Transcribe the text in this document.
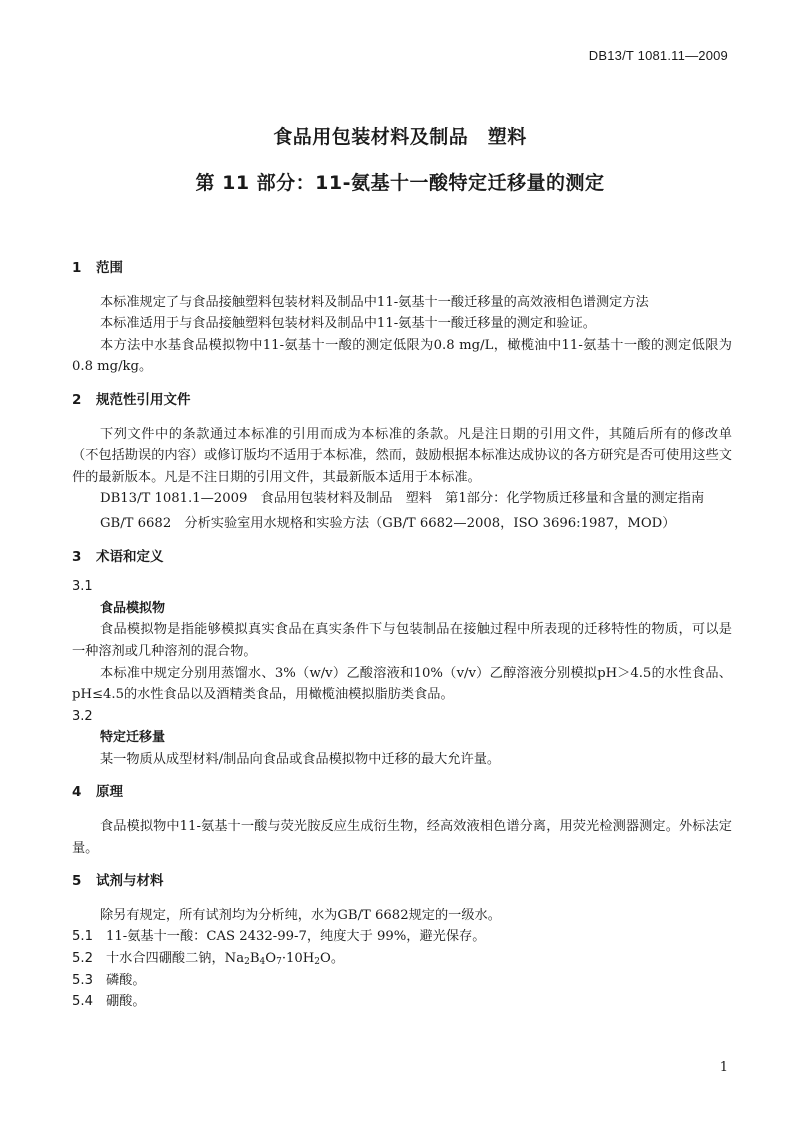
DB13/T 1081.11—2009
食品用包装材料及制品　塑料
第 11 部分：11-氨基十一酸特定迁移量的测定

1 范围

本标准规定了与食品接触塑料包装材料及制品中11-氨基十一酸迁移量的高效液相色谱测定方法

本标准适用于与食品接触塑料包装材料及制品中11-氨基十一酸迁移量的测定和验证。

本方法中水基食品模拟物中11-氨基十一酸的测定低限为0.8 mg/L，橄榄油中11-氨基十一酸的测定低限为0.8 mg/kg。

2 规范性引用文件

下列文件中的条款通过本标准的引用而成为本标准的条款。凡是注日期的引用文件，其随后所有的修改单（不包括勘误的内容）或修订版均不适用于本标准，然而，鼓励根据本标准达成协议的各方研究是否可使用这些文件的最新版本。凡是不注日期的引用文件，其最新版本适用于本标准。

DB13/T 1081.1—2009　食品用包装材料及制品　塑料　第1部分：化学物质迁移量和含量的测定指南

GB/T 6682　分析实验室用水规格和实验方法（GB/T 6682—2008，ISO 3696:1987，MOD）

3 术语和定义

3.1

食品模拟物

食品模拟物是指能够模拟真实食品在真实条件下与包装制品在接触过程中所表现的迁移特性的物质，可以是一种溶剂或几种溶剂的混合物。

本标准中规定分别用蒸馏水、3%（w/v）乙酸溶液和10%（v/v）乙醇溶液分别模拟pH＞4.5的水性食品、pH≤4.5的水性食品以及酒精类食品，用橄榄油模拟脂肪类食品。

3.2

特定迁移量

某一物质从成型材料/制品向食品或食品模拟物中迁移的最大允许量。

4 原理

食品模拟物中11-氨基十一酸与荧光胺反应生成衍生物，经高效液相色谱分离，用荧光检测器测定。外标法定量。

5 试剂与材料

除另有规定，所有试剂均为分析纯，水为GB/T 6682规定的一级水。

5.1 11-氨基十一酸：CAS 2432-99-7，纯度大于 99%，避光保存。

5.2 十水合四硼酸二钠，$Na_2B_4O_7\cdot 10H_2O$。

5.3 磷酸。

5.4 硼酸。

1
